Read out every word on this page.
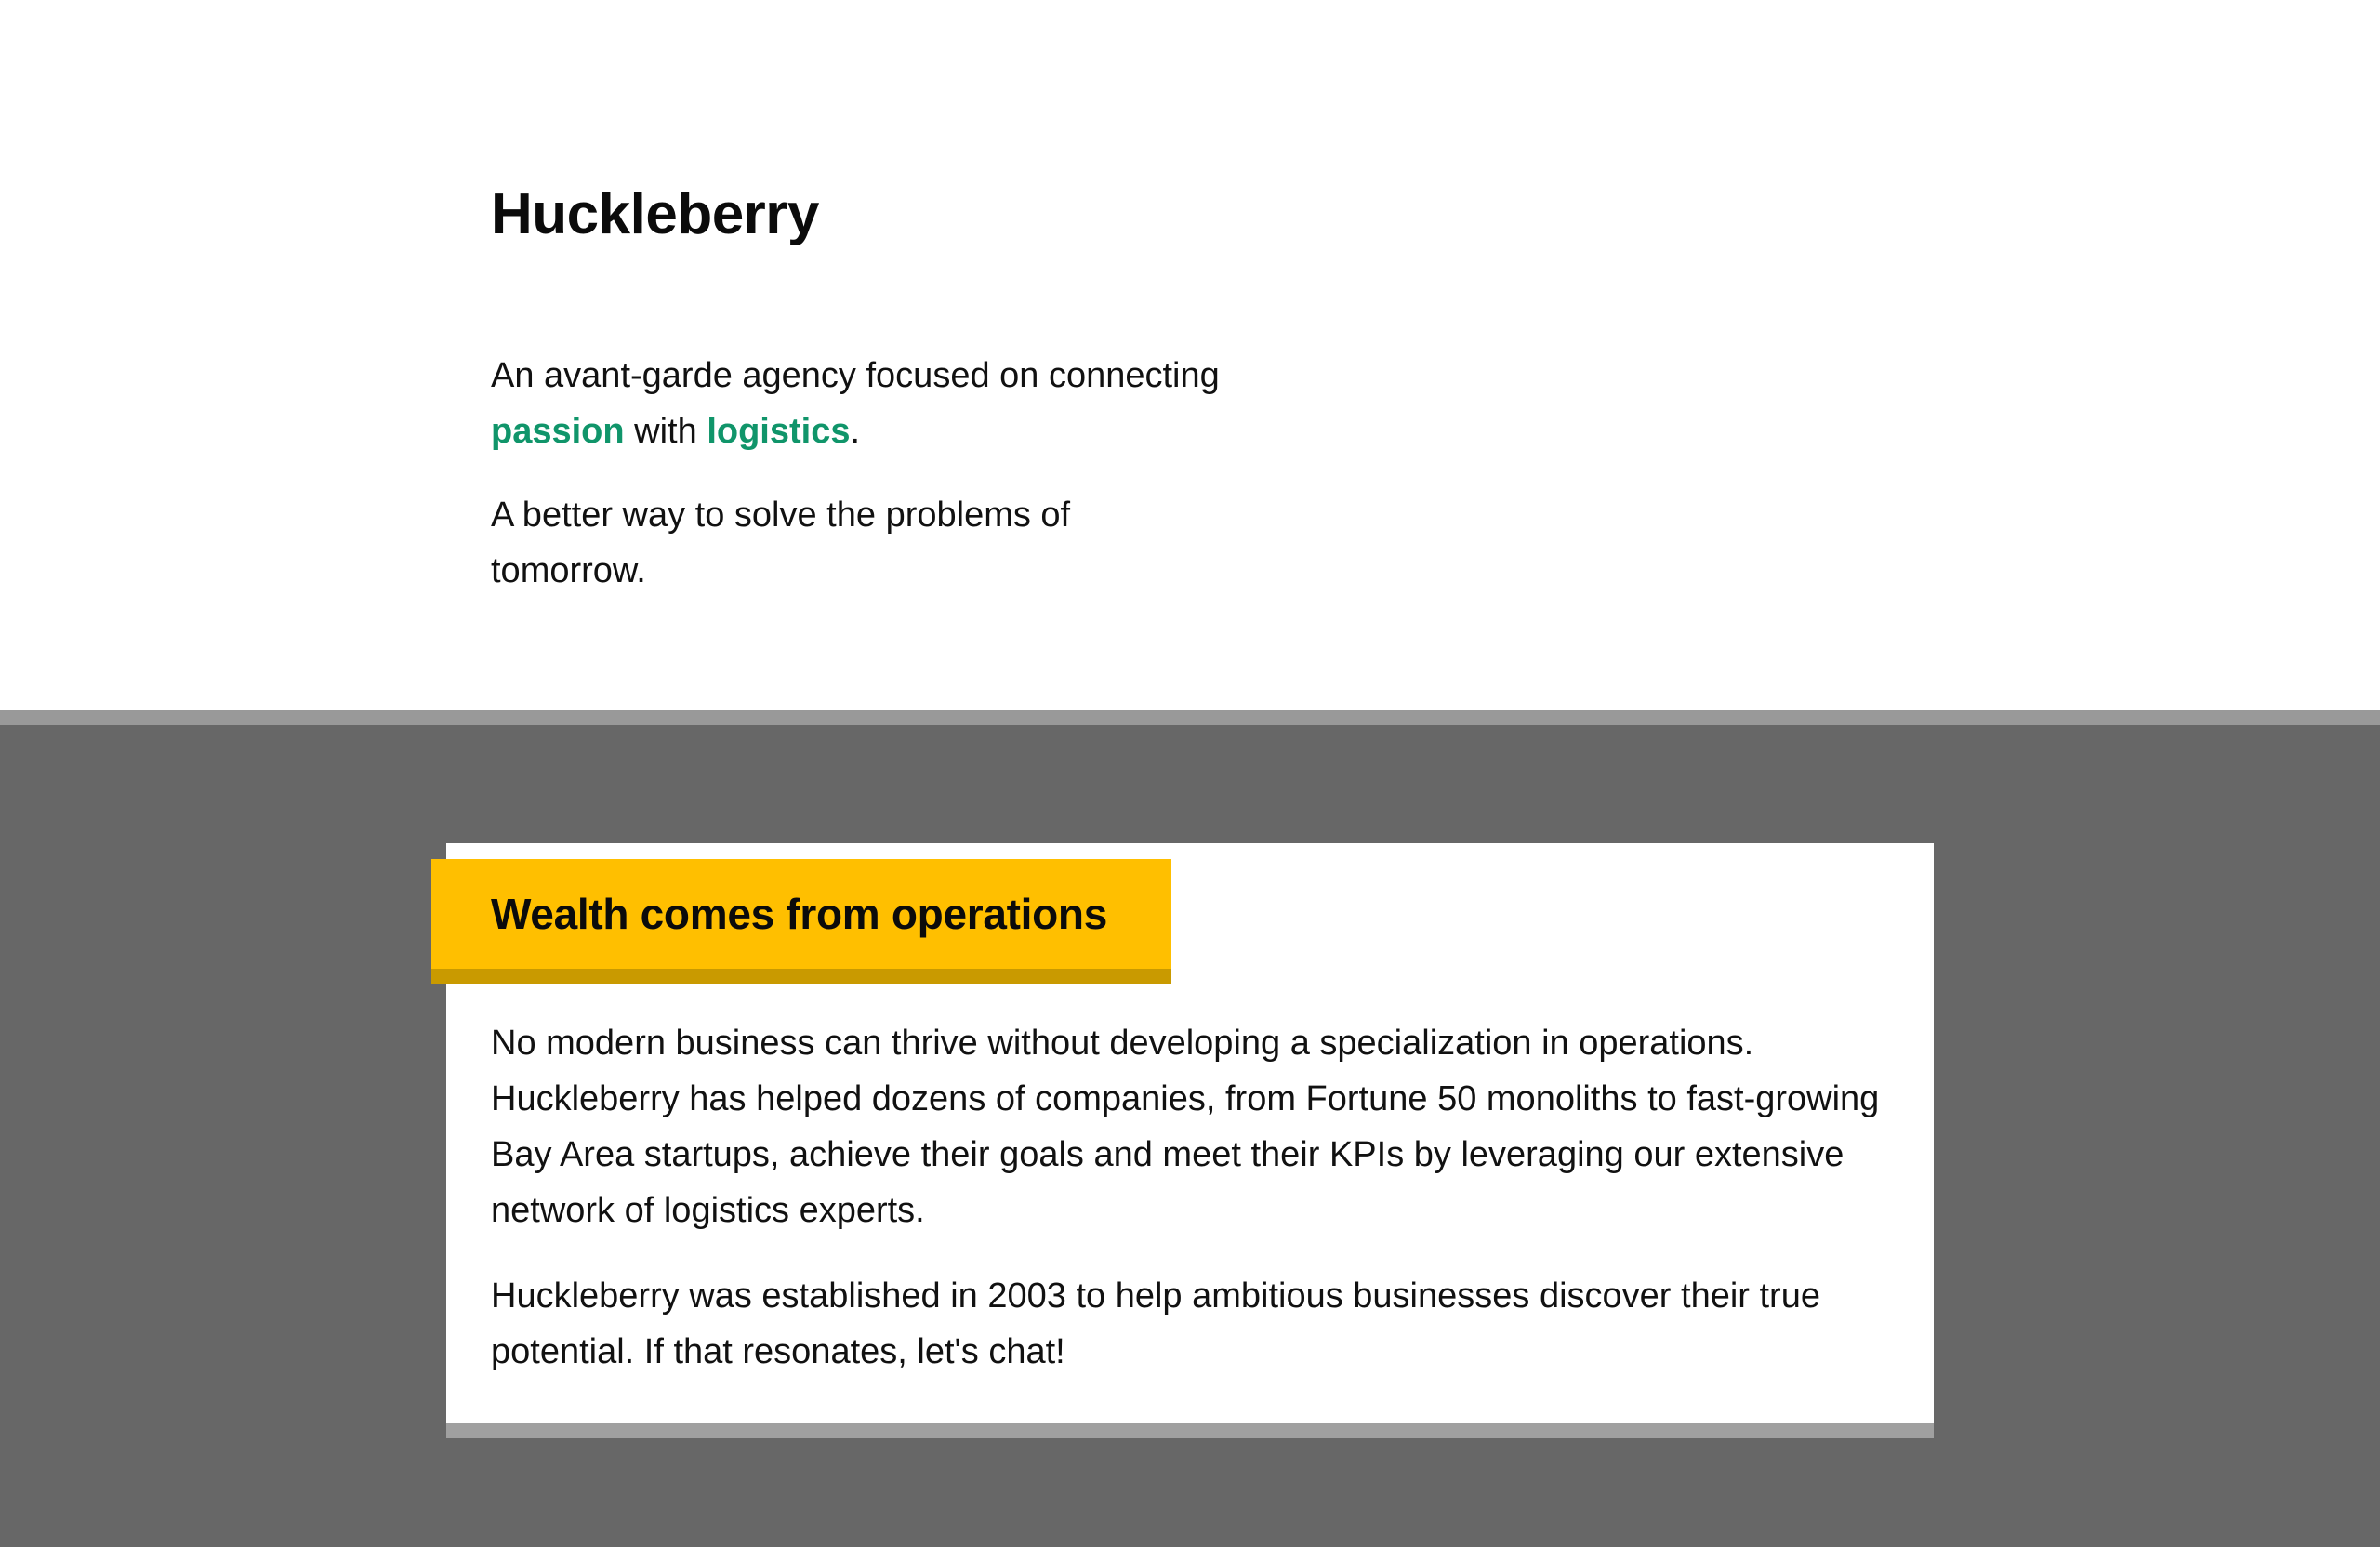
Huckleberry

An avant-garde agency focused on connecting passion with logistics.

A better way to solve the problems of tomorrow.

Wealth comes from operations

No modern business can thrive without developing a specialization in operations. Huckleberry has helped dozens of companies, from Fortune 50 monoliths to fast-growing Bay Area startups, achieve their goals and meet their KPIs by leveraging our extensive network of logistics experts.

Huckleberry was established in 2003 to help ambitious businesses discover their true potential. If that resonates, let's chat!
